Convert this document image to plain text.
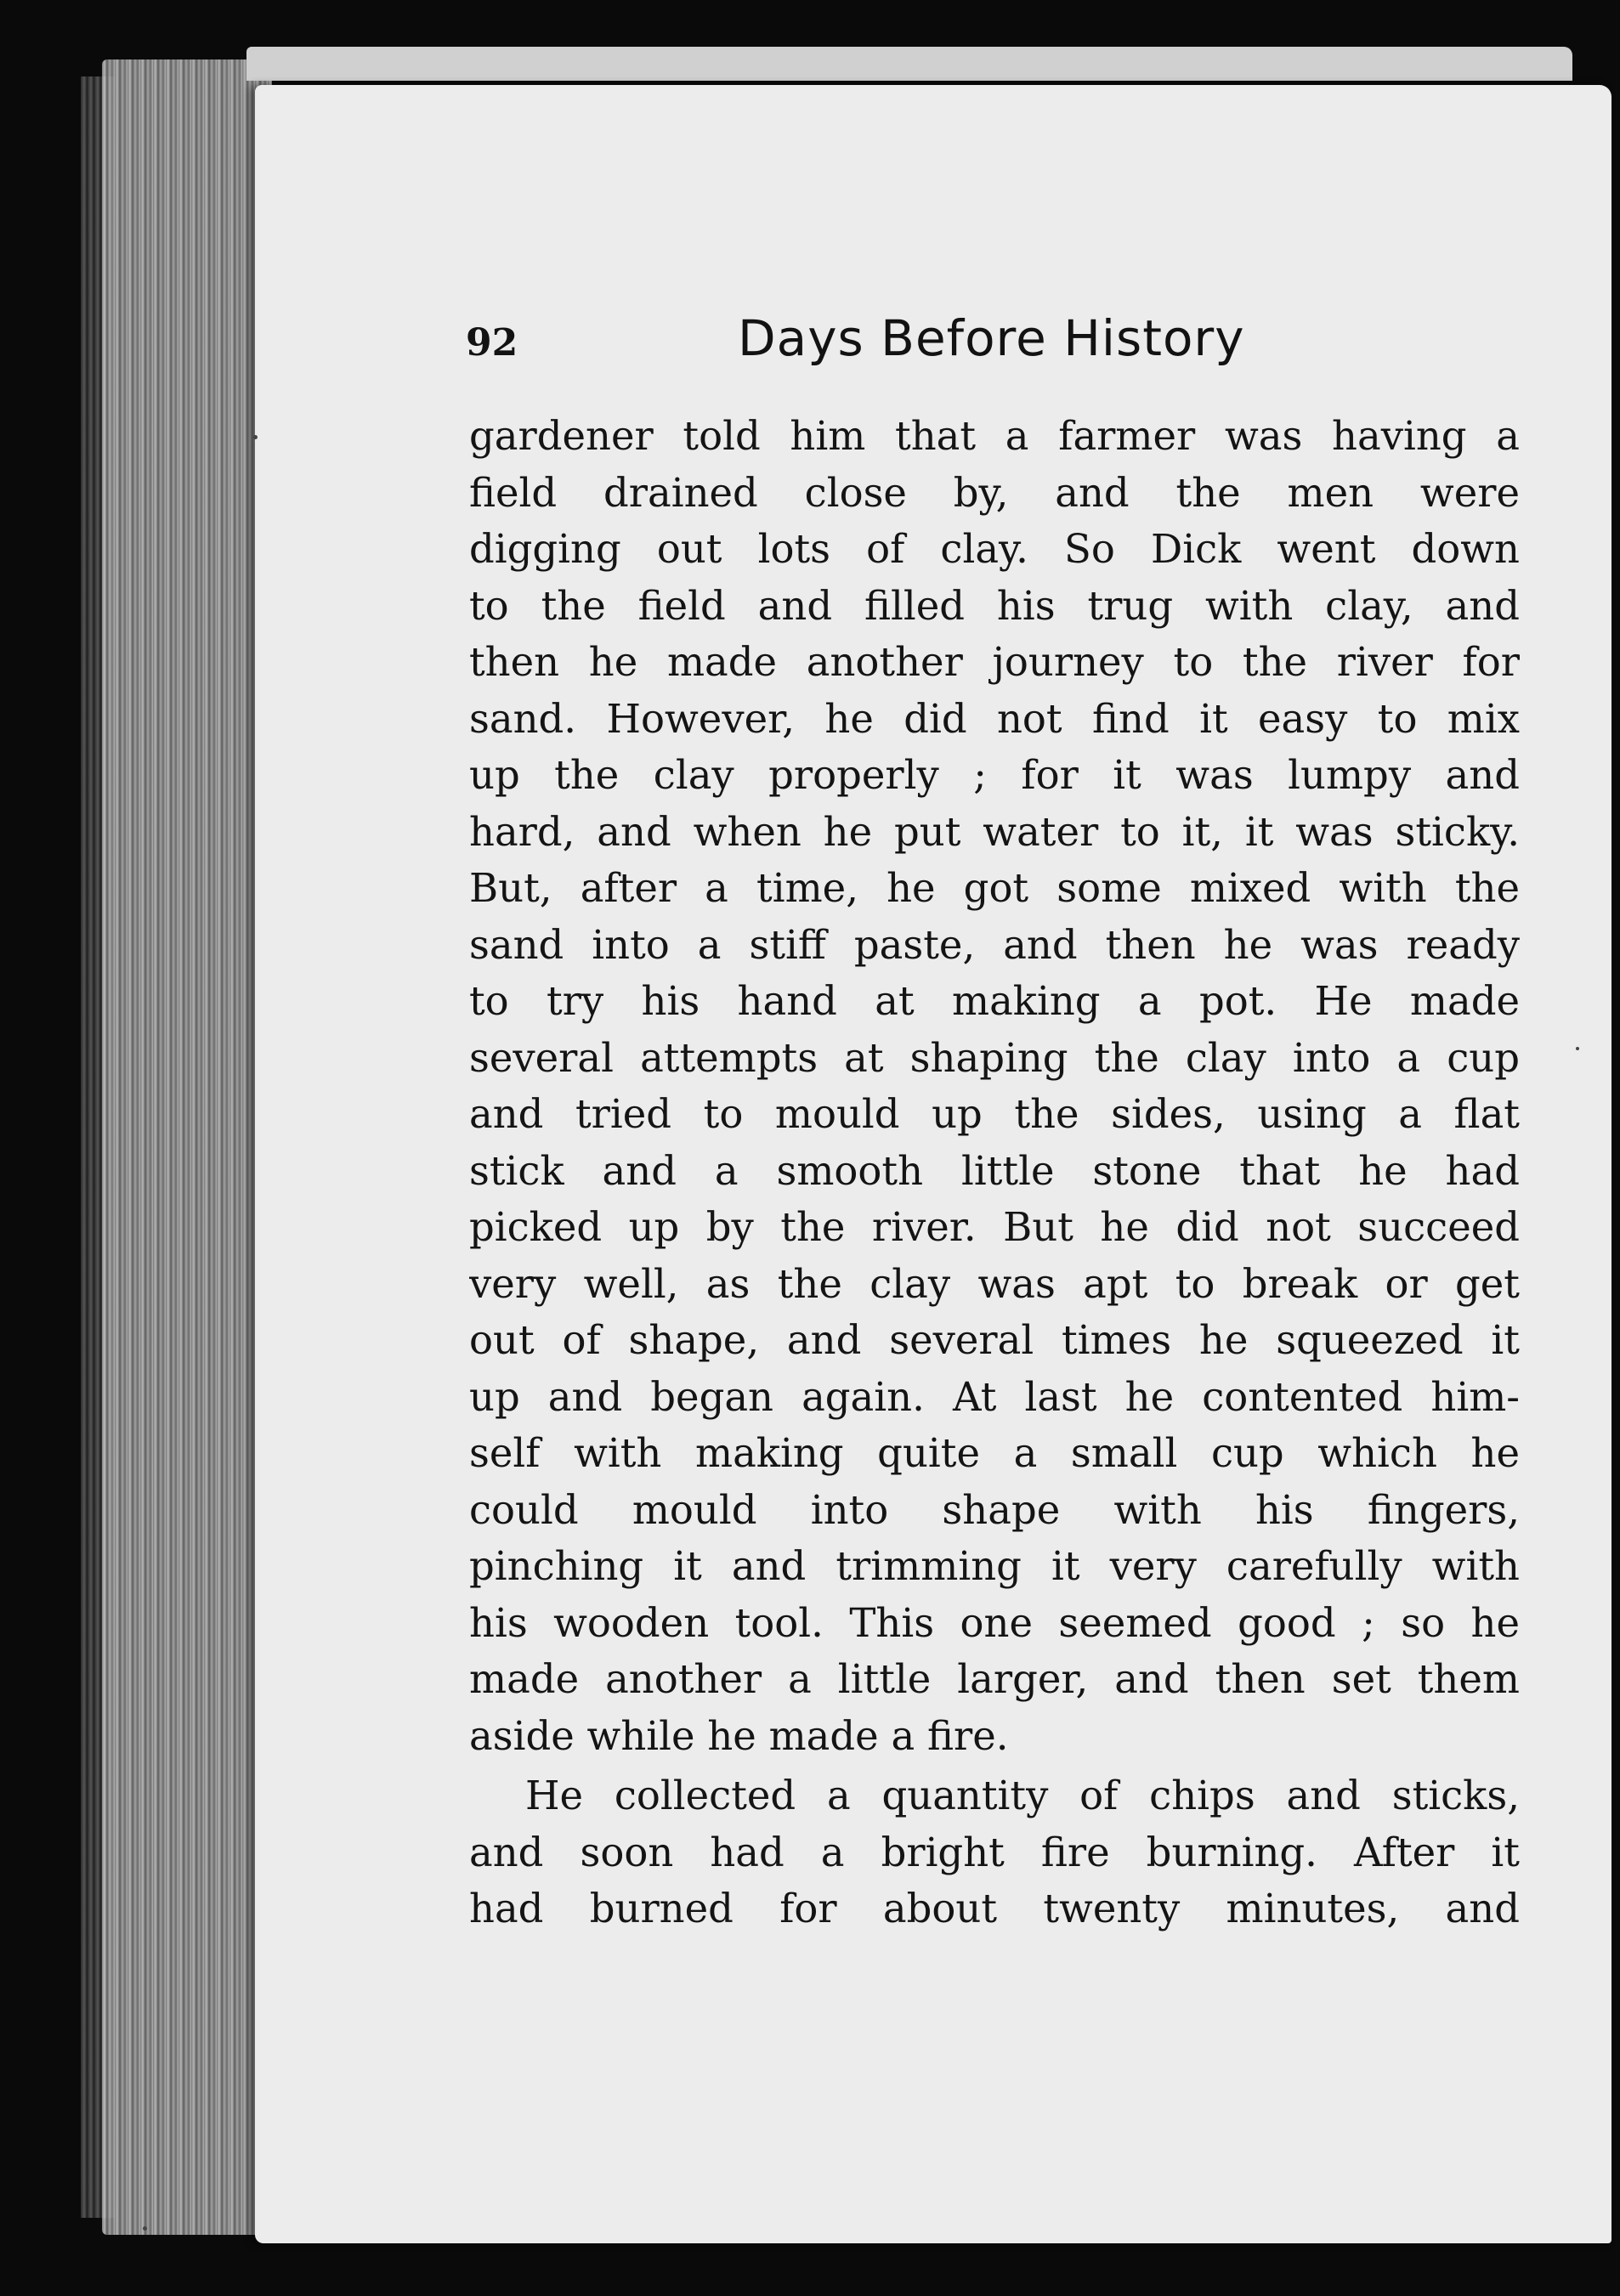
92	Days Before History
gardener told him that a farmer was having a
field drained close by, and the men were
digging out lots of clay. So Dick went down
to the field and filled his trug with clay, and
then he made another journey to the river for
sand. However, he did not find it easy to mix
up the clay properly ; for it was lumpy and
hard, and when he put water to it, it was sticky.
But, after a time, he got some mixed with the
sand into a stiff paste, and then he was ready
to try his hand at making a pot. He made
several attempts at shaping the clay into a cup
and tried to mould up the sides, using a flat
stick and a smooth little stone that he had
picked up by the river. But he did not succeed
very well, as the clay was apt to break or get
out of shape, and several times he squeezed it
up and began again. At last he contented him-
self with making quite a small cup which he
could mould into shape with his fingers,
pinching it and trimming it very carefully with
his wooden tool. This one seemed good ; so he
made another a little larger, and then set them
aside while he made a fire.
He collected a quantity of chips and sticks,
and soon had a bright fire burning. After it
had burned for about twenty minutes, and
